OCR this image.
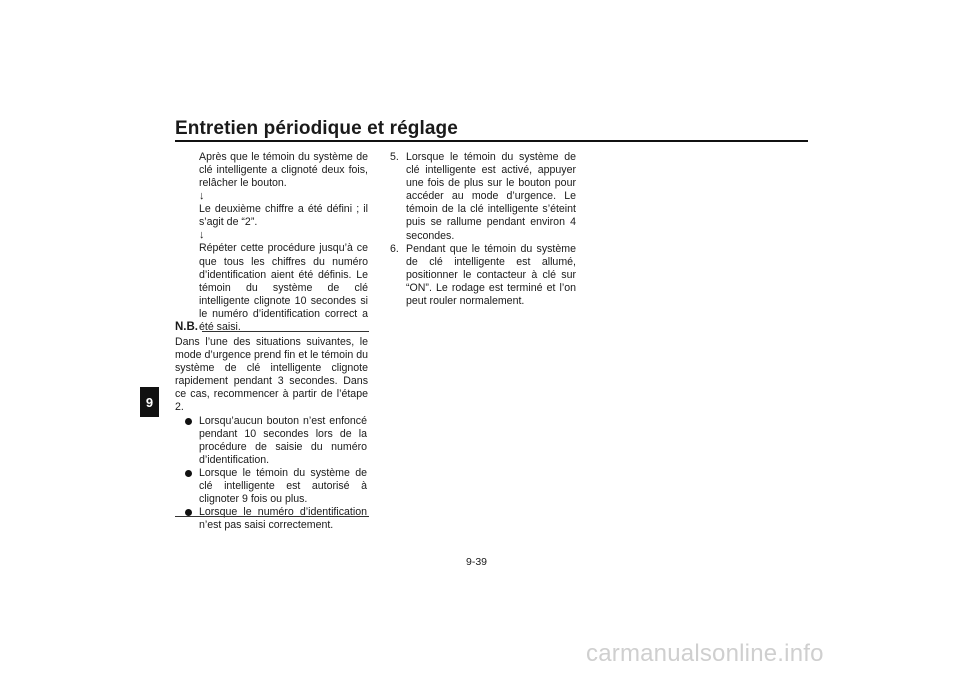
Entretien périodique et réglage
9

Après que le témoin du système de clé intelligente a clignoté deux fois, relâcher le bouton.

↓

Le deuxième chiffre a été défini ; il s’agit de “2”.

↓

Répéter cette procédure jusqu’à ce que tous les chiffres du numéro d’identification aient été définis. Le témoin du système de clé intelligente clignote 10 secondes si le numéro d’identification correct a été saisi.

N.B.

Dans l’une des situations suivantes, le mode d’urgence prend fin et le témoin du système de clé intelligente clignote rapidement pendant 3 secondes. Dans ce cas, recommencer à partir de l’étape 2.

Lorsqu’aucun bouton n’est enfoncé pendant 10 secondes lors de la procédure de saisie du numéro d’identification.
Lorsque le témoin du système de clé intelligente est autorisé à clignoter 9 fois ou plus.
Lorsque le numéro d’identification n’est pas saisi correctement.
5. Lorsque le témoin du système de clé intelligente est activé, appuyer une fois de plus sur le bouton pour accéder au mode d’urgence. Le témoin de la clé intelligente s’éteint puis se rallume pendant environ 4 secondes.
6. Pendant que le témoin du système de clé intelligente est allumé, positionner le contacteur à clé sur “ON”. Le rodage est terminé et l’on peut rouler normalement.
9-39
carmanualsonline.info
